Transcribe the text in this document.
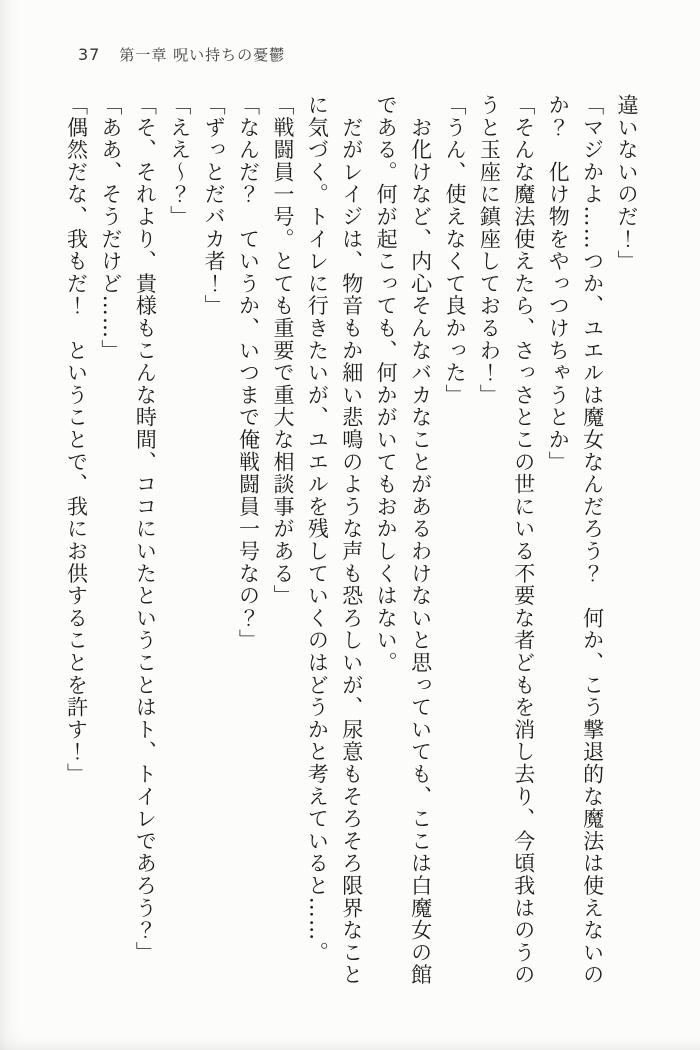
37 第一章 呪い持ちの憂鬱
違いないのだ！」
「マジかよ……つか、ユエルは魔女なんだろう？　何か、こう撃退的な魔法は使えないの
か？　化け物をやっつけちゃうとか」
「そんな魔法使えたら、さっさとこの世にいる不要な者どもを消し去り、今頃我はのうの
うと玉座に鎮座しておるわ！」
「うん、使えなくて良かった」
　お化けなど、内心そんなバカなことがあるわけないと思っていても、ここは白魔女の館
である。何が起こっても、何かがいてもおかしくはない。
　だがレイジは、物音もか細い悲鳴のような声も恐ろしいが、尿意もそろそろ限界なこと
に気づく。トイレに行きたいが、ユエルを残していくのはどうかと考えていると……。
「戦闘員一号。とても重要で重大な相談事がある」
「なんだ？　ていうか、いつまで俺戦闘員一号なの？」
「ずっとだバカ者！」
「ええ〜？」
「そ、それより、貴様もこんな時間、ココにいたということはト、トイレであろう？」
「ああ、そうだけど……」
「偶然だな、我もだ！　ということで、我にお供することを許す！」
